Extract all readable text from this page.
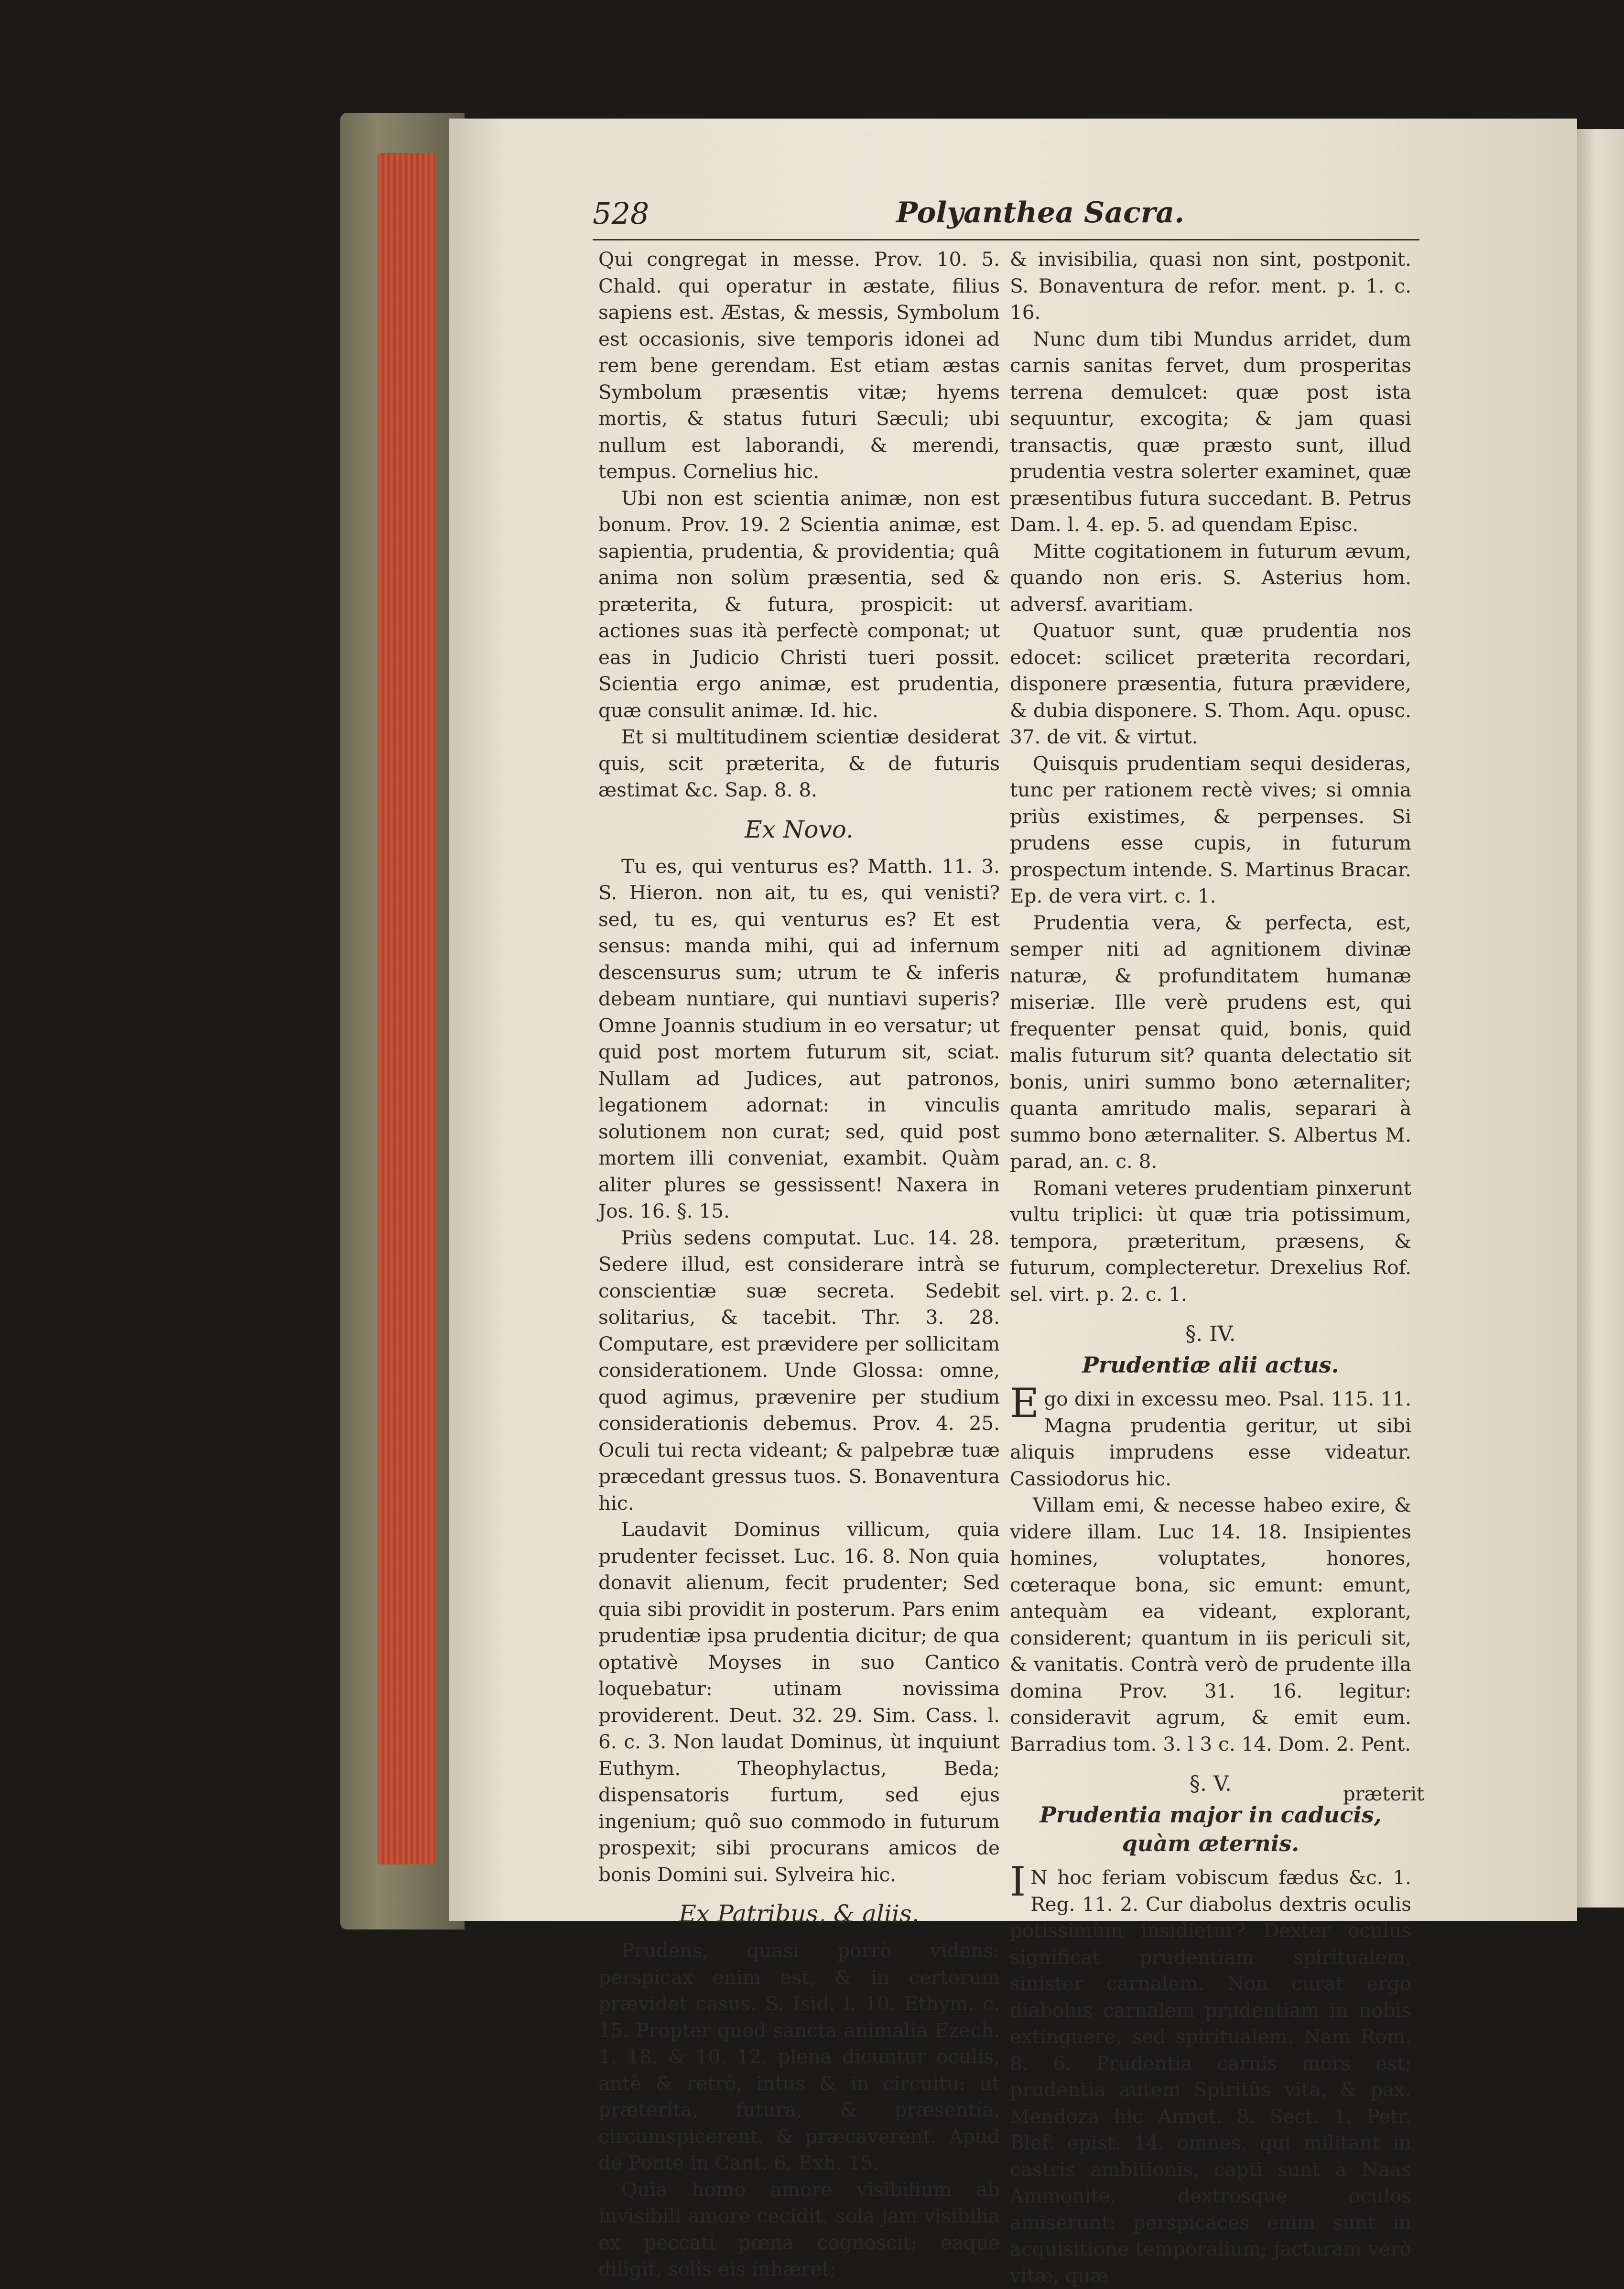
528	Polyanthea Sacra.

Qui congregat in messe. Prov. 10. 5. Chald. qui operatur in æstate, filius sapiens est. Æstas, & messis, Symbolum est occasionis, sive temporis idonei ad rem bene gerendam. Est etiam æstas Symbolum præsentis vitæ; hyems mortis, & status futuri Sæculi; ubi nullum est laborandi, & merendi, tempus. Cornelius hic.

Ubi non est scientia animæ, non est bonum. Prov. 19. 2 Scientia animæ, est sapientia, prudentia, & providentia; quâ anima non solùm præsentia, sed & præterita, & futura, prospicit: ut actiones suas ità perfectè componat; ut eas in Judicio Christi tueri possit. Scientia ergo animæ, est prudentia, quæ consulit animæ. Id. hic.

Et si multitudinem scientiæ desiderat quis, scit præterita, & de futuris æstimat &c. Sap. 8. 8.

Ex Novo.

Tu es, qui venturus es? Matth. 11. 3. S. Hieron. non ait, tu es, qui venisti? sed, tu es, qui venturus es? Et est sensus: manda mihi, qui ad infernum descensurus sum; utrum te & inferis debeam nuntiare, qui nuntiavi superis? Omne Joannis studium in eo versatur; ut quid post mortem futurum sit, sciat. Nullam ad Judices, aut patronos, legationem adornat: in vinculis solutionem non curat; sed, quid post mortem illi conveniat, exambit. Quàm aliter plures se gessissent! Naxera in Jos. 16. §. 15.

Priùs sedens computat. Luc. 14. 28. Sedere illud, est considerare intrà se conscientiæ suæ secreta. Sedebit solitarius, & tacebit. Thr. 3. 28. Computare, est prævidere per sollicitam considerationem. Unde Glossa: omne, quod agimus, prævenire per studium considerationis debemus. Prov. 4. 25. Oculi tui recta videant; & palpebræ tuæ præcedant gressus tuos. S. Bonaventura hic.

Laudavit Dominus villicum, quia prudenter fecisset. Luc. 16. 8. Non quia donavit alienum, fecit prudenter; Sed quia sibi providit in posterum. Pars enim prudentiæ ipsa prudentia dicitur; de qua optativè Moyses in suo Cantico loquebatur: utinam novissima providerent. Deut. 32. 29. Sim. Cass. l. 6. c. 3. Non laudat Dominus, ùt inquiunt Euthym. Theophylactus, Beda; dispensatoris furtum, sed ejus ingenium; quô suo commodo in futurum prospexit; sibi procurans amicos de bonis Domini sui. Sylveira hic.

Ex Patribus, & aliis.

Prudens, quasi porrò videns: perspicax enim est, & in certorum prævidet casus. S. Isid. l. 10. Ethym. c. 15. Propter quod sancta animalia Ezech. 1. 18. & 10. 12. plena dicuntur oculis, antè & retrò, intus & in circuitu: ut præterita, futura, & præsentia, circumspicerent, & præcaverent. Apud de Ponte in Cant. 6. Exh. 15.

Quia homo amore visibilium ab invisibili amore cecidit, sola jam visibilia ex peccati pœna cognoscit; eaque diligit, solis eis inhæret;

& invisibilia, quasi non sint, postponit. S. Bonaventura de refor. ment. p. 1. c. 16.

Nunc dum tibi Mundus arridet, dum carnis sanitas fervet, dum prosperitas terrena demulcet: quæ post ista sequuntur, excogita; & jam quasi transactis, quæ præsto sunt, illud prudentia vestra solerter examinet, quæ præsentibus futura succedant. B. Petrus Dam. l. 4. ep. 5. ad quendam Episc.

Mitte cogitationem in futurum ævum, quando non eris. S. Asterius hom. adversf. avaritiam.

Quatuor sunt, quæ prudentia nos edocet: scilicet præterita recordari, disponere præsentia, futura prævidere, & dubia disponere. S. Thom. Aqu. opusc. 37. de vit. & virtut.

Quisquis prudentiam sequi desideras, tunc per rationem rectè vives; si omnia priùs existimes, & perpenses. Si prudens esse cupis, in futurum prospectum intende. S. Martinus Bracar. Ep. de vera virt. c. 1.

Prudentia vera, & perfecta, est, semper niti ad agnitionem divinæ naturæ, & profunditatem humanæ miseriæ. Ille verè prudens est, qui frequenter pensat quid, bonis, quid malis futurum sit? quanta delectatio sit bonis, uniri summo bono æternaliter; quanta amritudo malis, separari à summo bono æternaliter. S. Albertus M. parad, an. c. 8.

Romani veteres prudentiam pinxerunt vultu triplici: ùt quæ tria potissimum, tempora, præteritum, præsens, & futurum, complecteretur. Drexelius Rof. sel. virt. p. 2. c. 1.

§. IV.
Prudentiæ alii actus.

Ego dixi in excessu meo. Psal. 115. 11. Magna prudentia geritur, ut sibi aliquis imprudens esse videatur. Cassiodorus hic.

Villam emi, & necesse habeo exire, & videre illam. Luc 14. 18. Insipientes homines, voluptates, honores, cœteraque bona, sic emunt: emunt, antequàm ea videant, explorant, considerent; quantum in iis periculi sit, & vanitatis. Contrà verò de prudente illa domina Prov. 31. 16. legitur: consideravit agrum, & emit eum. Barradius tom. 3. l 3 c. 14. Dom. 2. Pent.

§. V.
Prudentia major in caducis, quàm æternis.

I N hoc feriam vobiscum fædus &c. 1. Reg. 11. 2. Cur diabolus dextris oculis potissimùm insidietur? Dexter oculus significat prudentiam spiritualem, sinister carnalem. Non curat ergo diabolus carnalem prudentiam in nobis extinguere, sed spiritualem. Nam Rom. 8. 6. Prudentia carnis mors est; prudentia autem Spiritûs vita, & pax. Mendoza hic Annot. 8. Sect. 1. Petr. Blef. epist. 14. omnes, qui militant in castris ambitionis, capti sunt à Naas Ammonite, dextrosque oculos amiserunt: perspicaces enim sunt in acquisitione temporalium; jacturam verò vitæ, quæ

præterit
